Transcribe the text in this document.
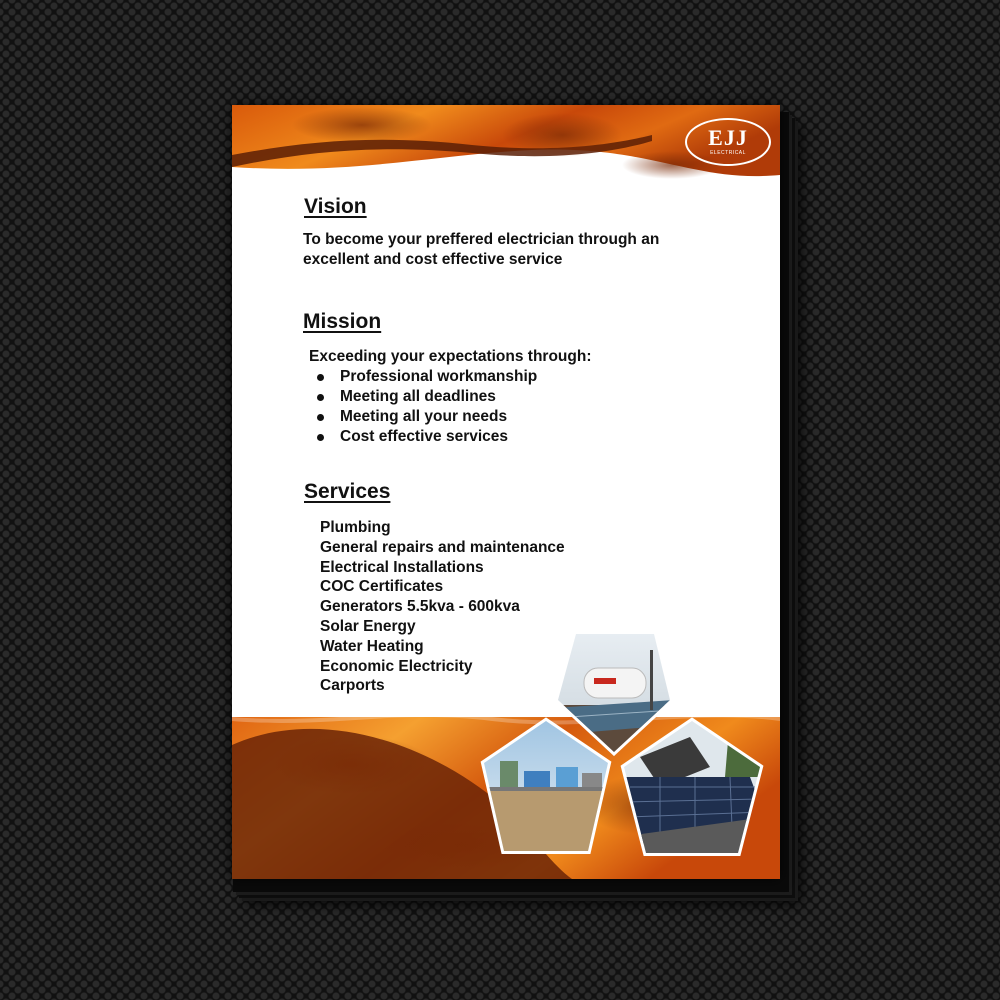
EJJ
ELECTRICAL
Vision
To become your preffered electrician through an
excellent and cost effective service
Mission
Exceeding your expectations through:
Professional workmanship
Meeting all deadlines
Meeting all your needs
Cost effective services
Services
Plumbing
General repairs and maintenance
Electrical Installations
COC Certificates
Generators 5.5kva - 600kva
Solar Energy
Water Heating
Economic Electricity
Carports
